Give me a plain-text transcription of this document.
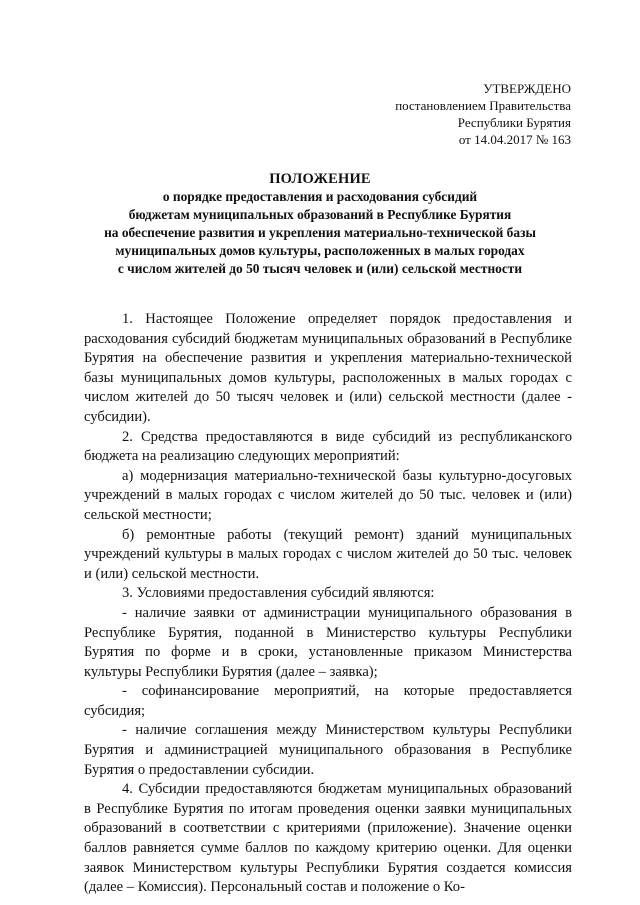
УТВЕРЖДЕНО
постановлением Правительства
Республики Бурятия
от 14.04.2017 № 163
ПОЛОЖЕНИЕ
о порядке предоставления и расходования субсидий
бюджетам муниципальных образований в Республике Бурятия
на обеспечение развития и укрепления материально-технической базы
муниципальных домов культуры, расположенных в малых городах
с числом жителей до 50 тысяч человек и (или) сельской местности

1. Настоящее Положение определяет порядок предоставления и расходования субсидий бюджетам муниципальных образований в Республике Бурятия на обеспечение развития и укрепления материально-технической базы муниципальных домов культуры, расположенных в малых городах с числом жителей до 50 тысяч человек и (или) сельской местности (далее - субсидии).

2. Средства предоставляются в виде субсидий из республиканского бюджета на реализацию следующих мероприятий:

а) модернизация материально-технической базы культурно-досуговых учреждений в малых городах с числом жителей до 50 тыс. человек и (или) сельской местности;

б) ремонтные работы (текущий ремонт) зданий муниципальных учреждений культуры в малых городах с числом жителей до 50 тыс. человек и (или) сельской местности.

3. Условиями предоставления субсидий являются:

- наличие заявки от администрации муниципального образования в Республике Бурятия, поданной в Министерство культуры Республики Бурятия по форме и в сроки, установленные приказом Министерства культуры Республики Бурятия (далее – заявка);

- софинансирование мероприятий, на которые предоставляется субсидия;

- наличие соглашения между Министерством культуры Республики Бурятия и администрацией муниципального образования в Республике Бурятия о предоставлении субсидии.

4. Субсидии предоставляются бюджетам муниципальных образований в Республике Бурятия по итогам проведения оценки заявки муниципальных образований в соответствии с критериями (приложение). Значение оценки баллов равняется сумме баллов по каждому критерию оценки. Для оценки заявок Министерством культуры Республики Бурятия создается комиссия (далее – Комиссия). Персональный состав и положение о Ко-
